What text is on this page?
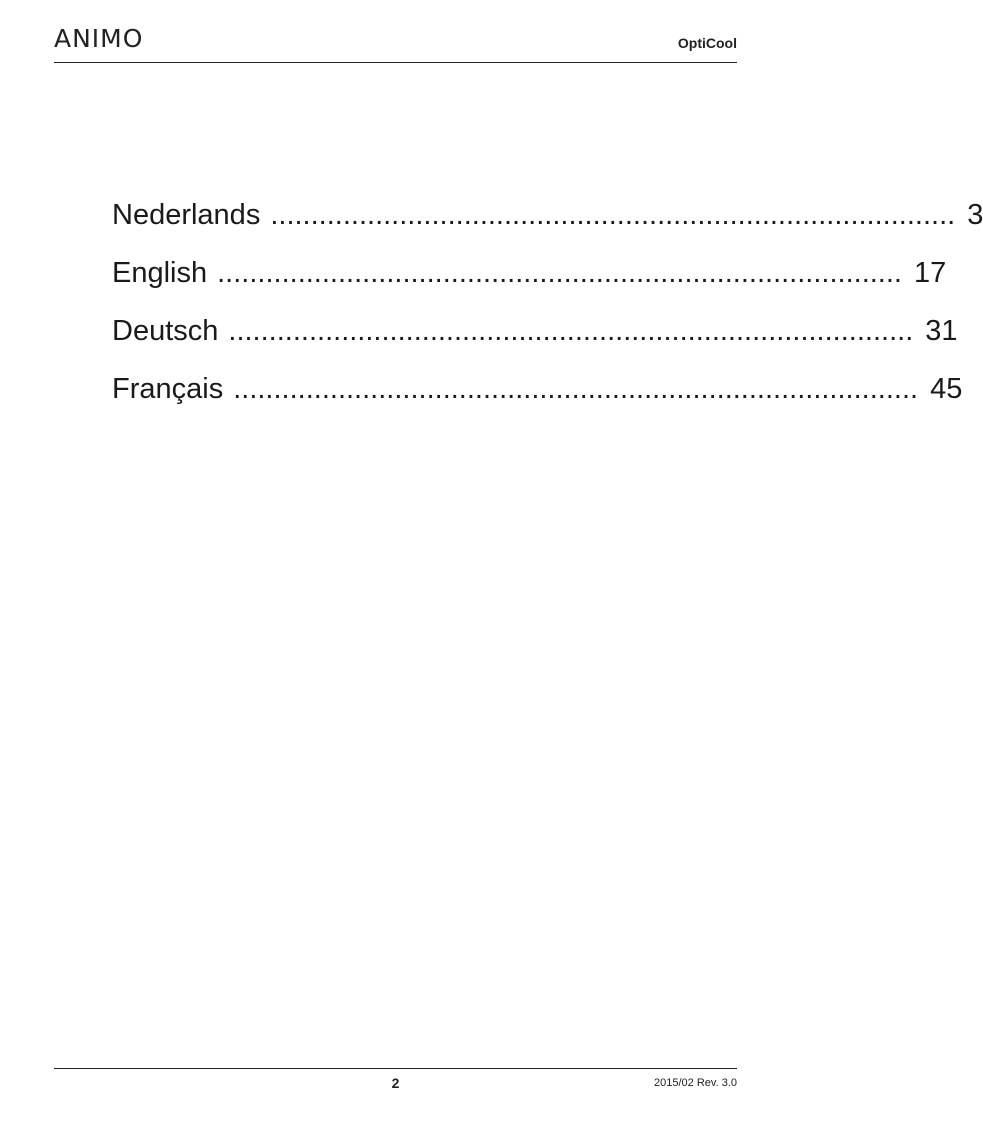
ANIMO	OptiCool
Nederlands ..................................................................................... 3
English ..................................................................................... 17
Deutsch ..................................................................................... 31
Français ..................................................................................... 45
2	2015/02 Rev. 3.0
